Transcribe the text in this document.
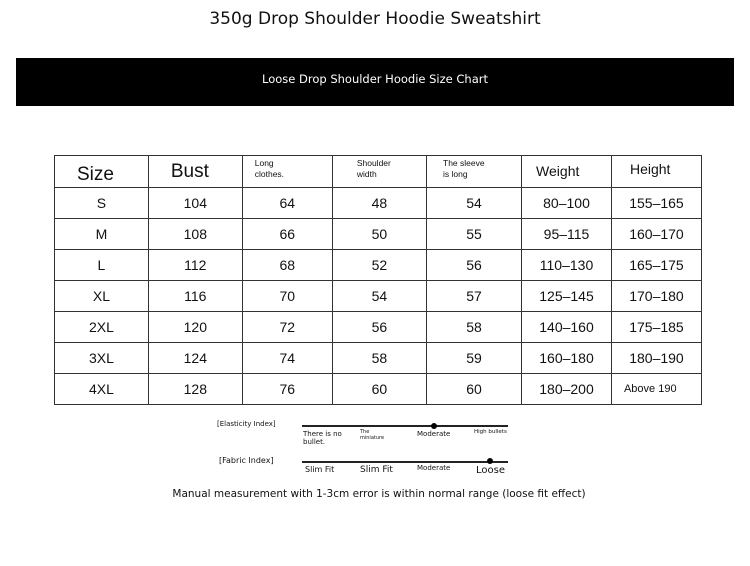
350g Drop Shoulder Hoodie Sweatshirt
Loose Drop Shoulder Hoodie Size Chart
Size	Bust	Long clothes.	Shoulder width	The sleeve is long	Weight	Height

S	104	64	48	54	80–100	155–165
M	108	66	50	55	95–115	160–170
L	112	68	52	56	110–130	165–175
XL	116	70	54	57	125–145	170–180
2XL	120	72	56	58	140–160	175–185
3XL	124	74	58	59	160–180	180–190
4XL	128	76	60	60	180–200	Above 190
[Elasticity Index]
There is no bullet.
The miniature	Moderate	High bullets
[Fabric Index]
Slim Fit	Slim Fit	Moderate	Loose
Manual measurement with 1-3cm error is within normal range (loose fit effect)
